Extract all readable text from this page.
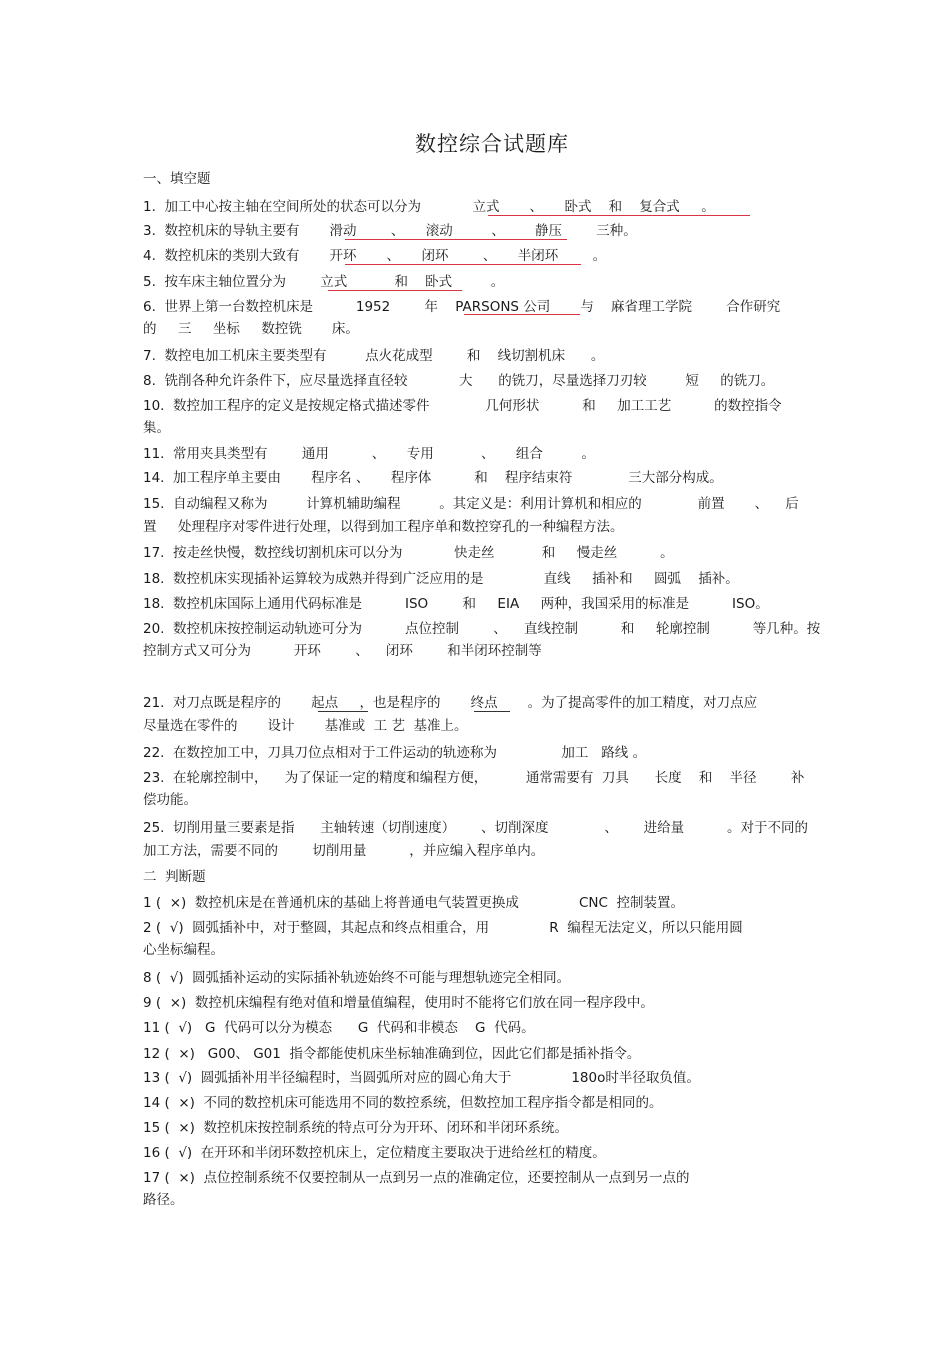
数控综合试题库
一、填空题
1.  加工中心按主轴在空间所处的状态可以分为            立式       、     卧式    和    复合式     。
3.  数控机床的导轨主要有       滑动        、     滚动         、       静压        三种。
4.  数控机床的类别大致有       开环       、     闭环        、     半闭环        。
5.  按车床主轴位置分为        立式           和    卧式         。
6.  世界上第一台数控机床是          1952        年    PARSONS 公司       与    麻省理工学院        合作研究
的     三     坐标     数控铣       床。
7.  数控电加工机床主要类型有         点火花成型        和    线切割机床      。
8.  铣削各种允许条件下，应尽量选择直径较            大      的铣刀，尽量选择刀刃较         短     的铣刀。
10.  数控加工程序的定义是按规定格式描述零件             几何形状          和     加工工艺          的数控指令
集。
11.  常用夹具类型有        通用          、     专用           、     组合         。
14.  加工程序单主要由       程序名 、     程序体          和    程序结束符             三大部分构成。
15.  自动编程又称为         计算机辅助编程         。其定义是：利用计算机和相应的             前置       、    后
置     处理程序对零件进行处理，以得到加工程序单和数控穿孔的一种编程方法。
17.  按走丝快慢，数控线切割机床可以分为            快走丝           和     慢走丝          。
18.  数控机床实现插补运算较为成熟并得到广泛应用的是              直线     插补和     圆弧    插补。
18.  数控机床国际上通用代码标准是          ISO        和     EIA     两种，我国采用的标准是          ISO。
20.  数控机床按控制运动轨迹可分为          点位控制        、    直线控制          和     轮廓控制          等几种。按
控制方式又可分为          开环        、    闭环        和半闭环控制等
21.  对刀点既是程序的       起点     ，也是程序的       终点       。为了提高零件的加工精度，对刀点应
尽量选在零件的       设计       基准或  工 艺  基准上。
22.  在数控加工中，刀具刀位点相对于工件运动的轨迹称为               加工   路线 。
23.  在轮廓控制中，    为了保证一定的精度和编程方便，         通常需要有  刀具      长度    和    半径        补
偿功能。
25.  切削用量三要素是指      主轴转速（切削速度）      、切削深度             、      进给量          。对于不同的
加工方法，需要不同的        切削用量          ，并应编入程序单内。
二  判断题
1 (  ×)  数控机床是在普通机床的基础上将普通电气装置更换成              CNC  控制装置。
2 (  √)  圆弧插补中，对于整圆，其起点和终点相重合，用              R  编程无法定义，所以只能用圆
心坐标编程。
8 (  √)  圆弧插补运动的实际插补轨迹始终不可能与理想轨迹完全相同。
9 (  ×)  数控机床编程有绝对值和增量值编程，使用时不能将它们放在同一程序段中。
11 (  √)   G  代码可以分为模态      G  代码和非模态    G  代码。
12 (  ×)   G00、 G01  指令都能使机床坐标轴准确到位，因此它们都是插补指令。
13 (  √)  圆弧插补用半径编程时，当圆弧所对应的圆心角大于              180o时半径取负值。
14 (  ×)  不同的数控机床可能选用不同的数控系统，但数控加工程序指令都是相同的。
15 (  ×)  数控机床按控制系统的特点可分为开环、闭环和半闭环系统。
16 (  √)  在开环和半闭环数控机床上，定位精度主要取决于进给丝杠的精度。
17 (  ×)  点位控制系统不仅要控制从一点到另一点的准确定位，还要控制从一点到另一点的
路径。
